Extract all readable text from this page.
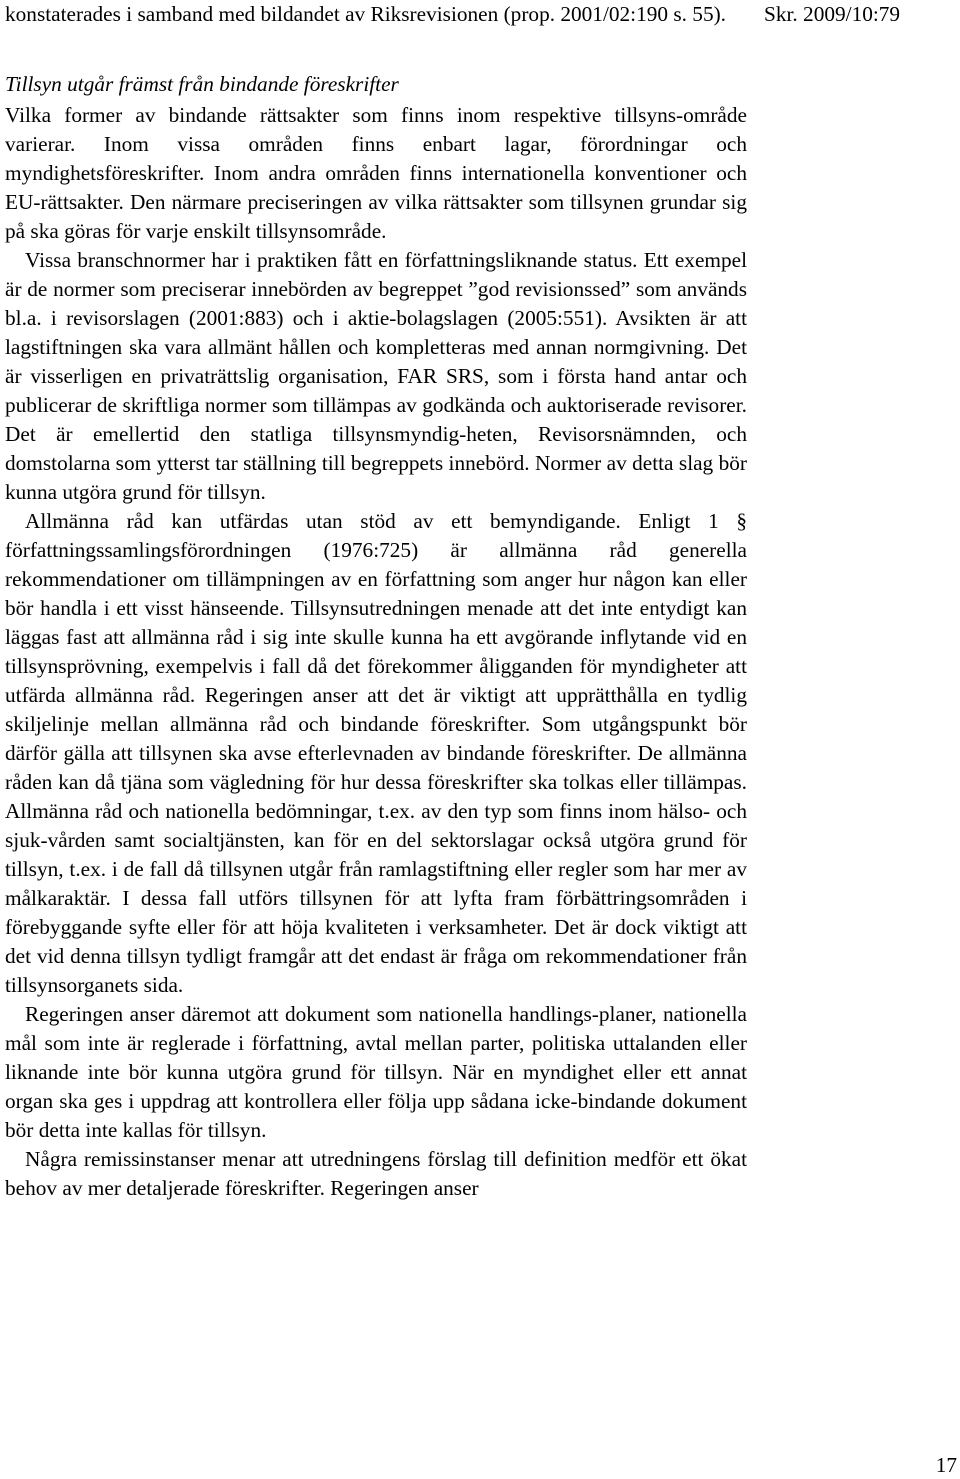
Skr. 2009/10:79

konstaterades i samband med bildandet av Riksrevisionen (prop. 2001/02:190 s. 55).

Tillsyn utgår främst från bindande föreskrifter

Vilka former av bindande rättsakter som finns inom respektive tillsyns-område varierar. Inom vissa områden finns enbart lagar, förordningar och myndighetsföreskrifter. Inom andra områden finns internationella konventioner och EU-rättsakter. Den närmare preciseringen av vilka rättsakter som tillsynen grundar sig på ska göras för varje enskilt tillsynsområde.

Vissa branschnormer har i praktiken fått en författningsliknande status. Ett exempel är de normer som preciserar innebörden av begreppet ”god revisionssed” som används bl.a. i revisorslagen (2001:883) och i aktie-bolagslagen (2005:551). Avsikten är att lagstiftningen ska vara allmänt hållen och kompletteras med annan normgivning. Det är visserligen en privaträttslig organisation, FAR SRS, som i första hand antar och publicerar de skriftliga normer som tillämpas av godkända och auktoriserade revisorer. Det är emellertid den statliga tillsynsmyndig-heten, Revisorsnämnden, och domstolarna som ytterst tar ställning till begreppets innebörd. Normer av detta slag bör kunna utgöra grund för tillsyn.

Allmänna råd kan utfärdas utan stöd av ett bemyndigande. Enligt 1 § författningssamlingsförordningen (1976:725) är allmänna råd generella rekommendationer om tillämpningen av en författning som anger hur någon kan eller bör handla i ett visst hänseende. Tillsynsutredningen menade att det inte entydigt kan läggas fast att allmänna råd i sig inte skulle kunna ha ett avgörande inflytande vid en tillsynsprövning, exempelvis i fall då det förekommer åligganden för myndigheter att utfärda allmänna råd. Regeringen anser att det är viktigt att upprätthålla en tydlig skiljelinje mellan allmänna råd och bindande föreskrifter. Som utgångspunkt bör därför gälla att tillsynen ska avse efterlevnaden av bindande föreskrifter. De allmänna råden kan då tjäna som vägledning för hur dessa föreskrifter ska tolkas eller tillämpas. Allmänna råd och nationella bedömningar, t.ex. av den typ som finns inom hälso- och sjuk-vården samt socialtjänsten, kan för en del sektorslagar också utgöra grund för tillsyn, t.ex. i de fall då tillsynen utgår från ramlagstiftning eller regler som har mer av målkaraktär. I dessa fall utförs tillsynen för att lyfta fram förbättringsområden i förebyggande syfte eller för att höja kvaliteten i verksamheter. Det är dock viktigt att det vid denna tillsyn tydligt framgår att det endast är fråga om rekommendationer från tillsynsorganets sida.

Regeringen anser däremot att dokument som nationella handlings-planer, nationella mål som inte är reglerade i författning, avtal mellan parter, politiska uttalanden eller liknande inte bör kunna utgöra grund för tillsyn. När en myndighet eller ett annat organ ska ges i uppdrag att kontrollera eller följa upp sådana icke-bindande dokument bör detta inte kallas för tillsyn.

Några remissinstanser menar att utredningens förslag till definition medför ett ökat behov av mer detaljerade föreskrifter. Regeringen anser

17
